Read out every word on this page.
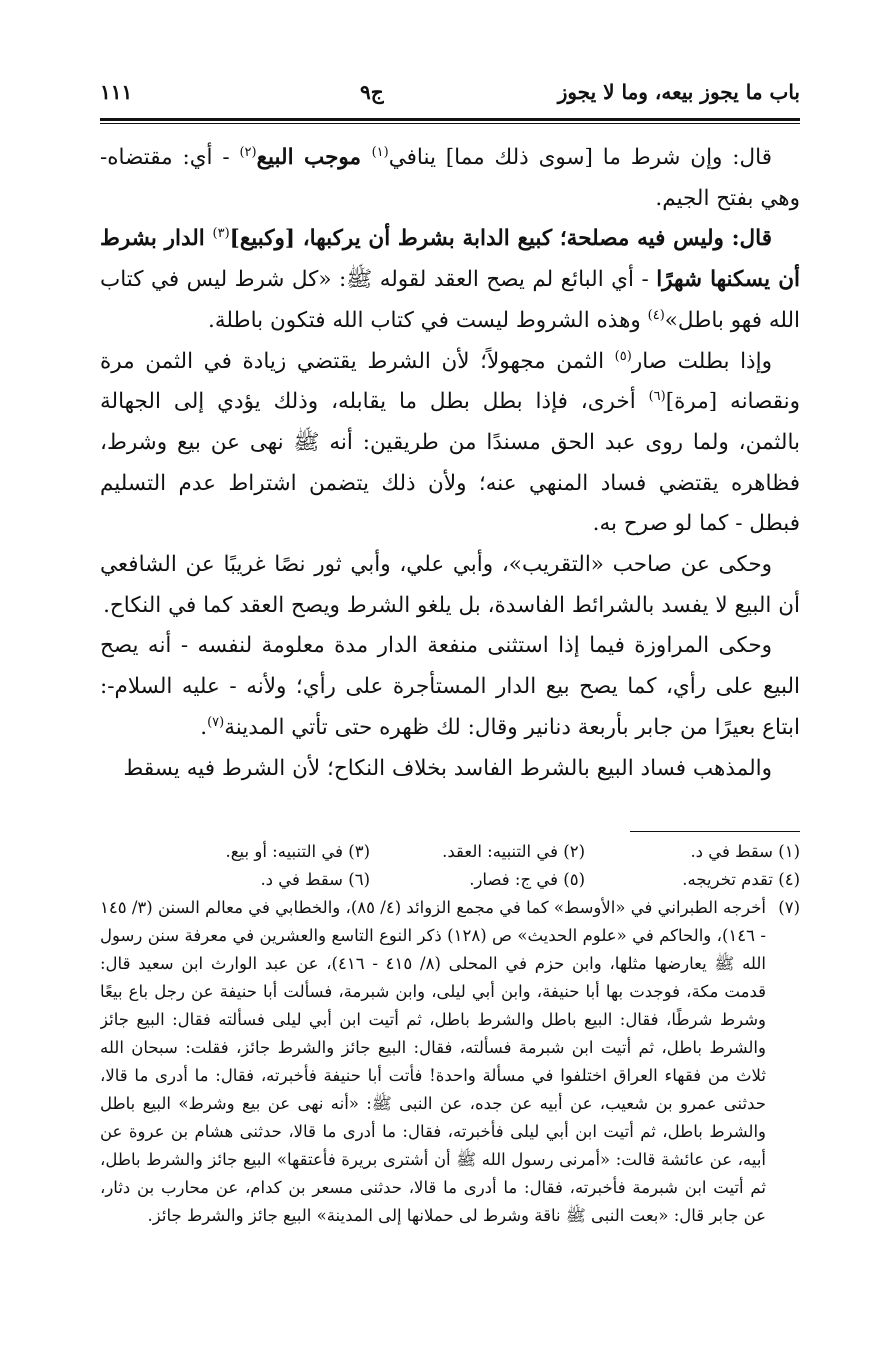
باب ما يجوز بيعه، وما لا يجوز
ج٩
١١١

قال: وإن شرط ما [سوى ذلك مما] ينافي$^{(١)}$ موجب البيع$^{(٢)}$ - أي: مقتضاه- وهي بفتح الجيم.

قال: وليس فيه مصلحة؛ كبيع الدابة بشرط أن يركبها، [وكبيع]$^{(٣)}$ الدار بشرط أن يسكنها شهرًا - أي البائع لم يصح العقد لقوله ﷺ: «كل شرط ليس في كتاب الله فهو باطل»$^{(٤)}$ وهذه الشروط ليست في كتاب الله فتكون باطلة.

وإذا بطلت صار$^{(٥)}$ الثمن مجهولاً؛ لأن الشرط يقتضي زيادة في الثمن مرة ونقصانه [مرة]$^{(٦)}$ أخرى، فإذا بطل بطل ما يقابله، وذلك يؤدي إلى الجهالة بالثمن، ولما روى عبد الحق مسندًا من طريقين: أنه ﷺ نهى عن بيع وشرط، فظاهره يقتضي فساد المنهي عنه؛ ولأن ذلك يتضمن اشتراط عدم التسليم فبطل - كما لو صرح به.

وحكى عن صاحب «التقريب»، وأبي علي، وأبي ثور نصًا غريبًا عن الشافعي أن البيع لا يفسد بالشرائط الفاسدة، بل يلغو الشرط ويصح العقد كما في النكاح.

وحكى المراوزة فيما إذا استثنى منفعة الدار مدة معلومة لنفسه - أنه يصح البيع على رأي، كما يصح بيع الدار المستأجرة على رأي؛ ولأنه - عليه السلام-: ابتاع بعيرًا من جابر بأربعة دنانير وقال: لك ظهره حتى تأتي المدينة$^{(٧)}$.

والمذهب فساد البيع بالشرط الفاسد بخلاف النكاح؛ لأن الشرط فيه يسقط

(١) سقط في د.
(٢) في التنبيه: العقد.
(٣) في التنبيه: أو بيع.
(٤) تقدم تخريجه.
(٥) في ج: فصار.
(٦) سقط في د.
(٧)
أخرجه الطبراني في «الأوسط» كما في مجمع الزوائد (٤/ ٨٥)، والخطابي في معالم السنن (٣/ ١٤٥ - ١٤٦)، والحاكم في «علوم الحديث» ص (١٢٨) ذكر النوع التاسع والعشرين في معرفة سنن رسول الله ﷺ يعارضها مثلها، وابن حزم في المحلى (٨/ ٤١٥ - ٤١٦)، عن عبد الوارث ابن سعيد قال: قدمت مكة، فوجدت بها أبا حنيفة، وابن أبي ليلى، وابن شبرمة، فسألت أبا حنيفة عن رجل باع بيعًا وشرط شرطًا، فقال: البيع باطل والشرط باطل، ثم أتيت ابن أبي ليلى فسألته فقال: البيع جائز والشرط باطل، ثم أتيت ابن شبرمة فسألته، فقال: البيع جائز والشرط جائز، فقلت: سبحان الله ثلاث من فقهاء العراق اختلفوا في مسألة واحدة! فأتت أبا حنيفة فأخبرته، فقال: ما أدرى ما قالا، حدثنى عمرو بن شعيب، عن أبيه عن جده، عن النبى ﷺ: «أنه نهى عن بيع وشرط» البيع باطل والشرط باطل، ثم أتيت ابن أبي ليلى فأخبرته، فقال: ما أدرى ما قالا، حدثنى هشام بن عروة عن أبيه، عن عائشة قالت: «أمرنى رسول الله ﷺ أن أشترى بريرة فأعتقها» البيع جائز والشرط باطل، ثم أتيت ابن شبرمة فأخبرته، فقال: ما أدرى ما قالا، حدثنى مسعر بن كدام، عن محارب بن دثار، عن جابر قال: «بعت النبى ﷺ ناقة وشرط لى حملانها إلى المدينة» البيع جائز والشرط جائز.
